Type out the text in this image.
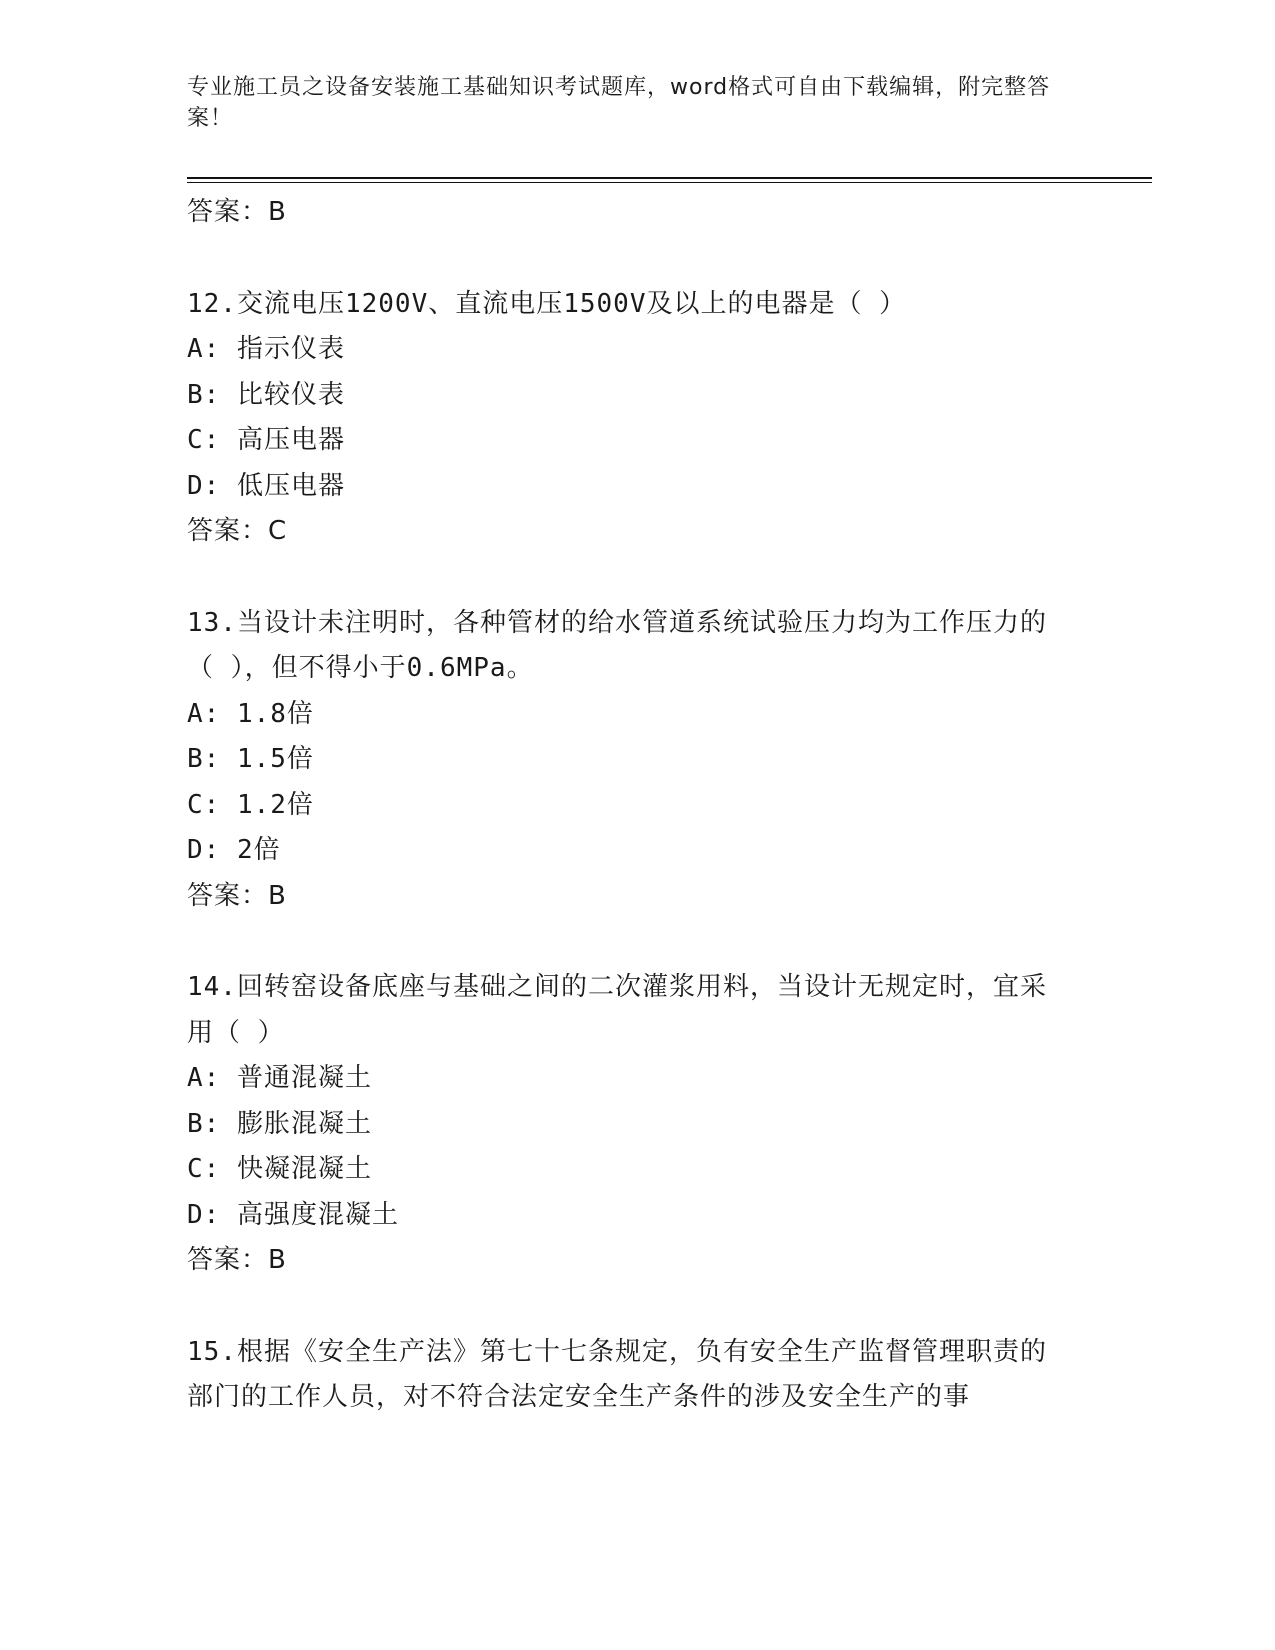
专业施工员之设备安装施工基础知识考试题库，word格式可自由下载编辑，附完整答案！
答案：B
12.交流电压1200V、直流电压1500V及以上的电器是（ ）
A: 指示仪表
B: 比较仪表
C: 高压电器
D: 低压电器
答案：C
13.当设计未注明时，各种管材的给水管道系统试验压力均为工作压力的（ ），但不得小于0.6MPa。
A: 1.8倍
B: 1.5倍
C: 1.2倍
D: 2倍
答案：B
14.回转窑设备底座与基础之间的二次灌浆用料，当设计无规定时，宜采用（ ）
A: 普通混凝土
B: 膨胀混凝土
C: 快凝混凝土
D: 高强度混凝土
答案：B
15.根据《安全生产法》第七十七条规定，负有安全生产监督管理职责的部门的工作人员，对不符合法定安全生产条件的涉及安全生产的事
